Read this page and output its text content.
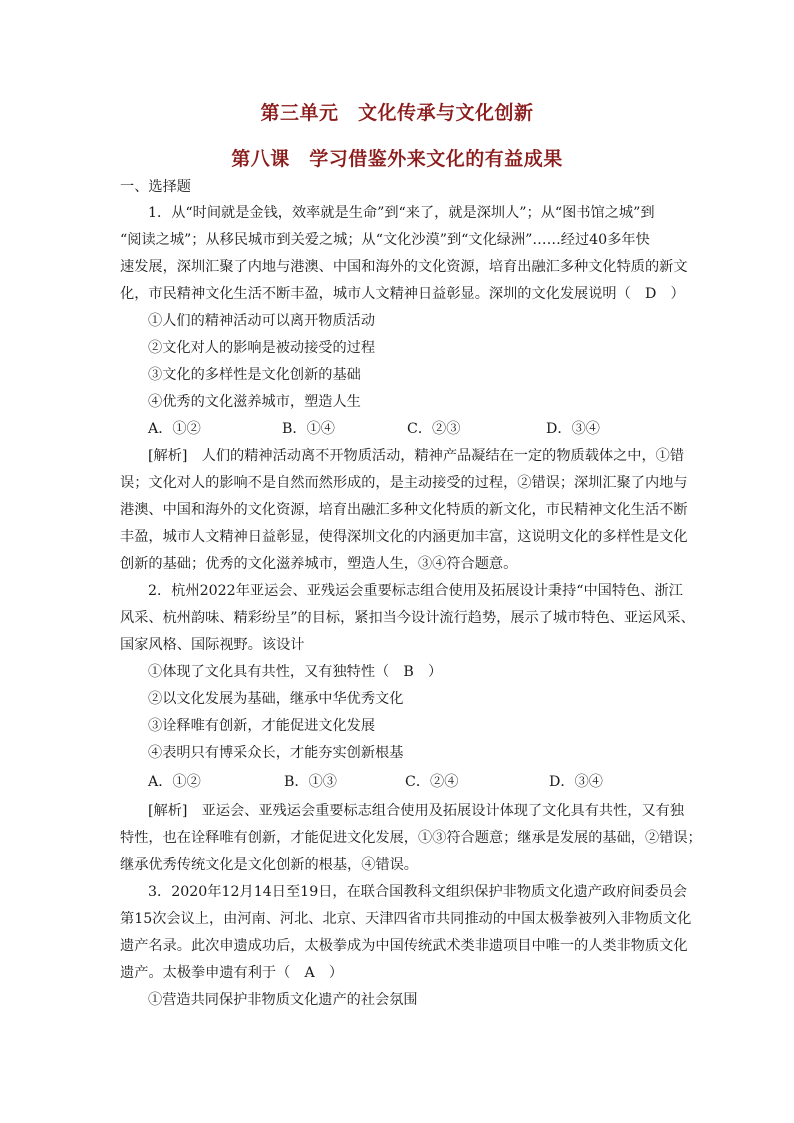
第三单元　文化传承与文化创新
第八课　学习借鉴外来文化的有益成果
一、选择题
1．从“时间就是金钱，效率就是生命”到“来了，就是深圳人”；从“图书馆之城”到
“阅读之城”；从移民城市到关爱之城；从“文化沙漠”到“文化绿洲”……经过40多年快
速发展，深圳汇聚了内地与港澳、中国和海外的文化资源，培育出融汇多种文化特质的新文
化，市民精神文化生活不断丰盈，城市人文精神日益彰显。深圳的文化发展说明（　D　）
①人们的精神活动可以离开物质活动
②文化对人的影响是被动接受的过程
③文化的多样性是文化创新的基础
④优秀的文化滋养城市，塑造人生
A．①②	B．①④	C．②③	D．③④
[解析]　人们的精神活动离不开物质活动，精神产品凝结在一定的物质载体之中，①错
误；文化对人的影响不是自然而然形成的，是主动接受的过程，②错误；深圳汇聚了内地与
港澳、中国和海外的文化资源，培育出融汇多种文化特质的新文化，市民精神文化生活不断
丰盈，城市人文精神日益彰显，使得深圳文化的内涵更加丰富，这说明文化的多样性是文化
创新的基础；优秀的文化滋养城市，塑造人生，③④符合题意。
2．杭州2022年亚运会、亚残运会重要标志组合使用及拓展设计秉持“中国特色、浙江
风采、杭州韵味、精彩纷呈”的目标，紧扣当今设计流行趋势，展示了城市特色、亚运风采、
国家风格、国际视野。该设计
①体现了文化具有共性，又有独特性（　B　）
②以文化发展为基础，继承中华优秀文化
③诠释唯有创新，才能促进文化发展
④表明只有博采众长，才能夯实创新根基
A．①②	B．①③	C．②④	D．③④
[解析]　亚运会、亚残运会重要标志组合使用及拓展设计体现了文化具有共性，又有独
特性，也在诠释唯有创新，才能促进文化发展，①③符合题意；继承是发展的基础，②错误；
继承优秀传统文化是文化创新的根基，④错误。
3．2020年12月14日至19日，在联合国教科文组织保护非物质文化遗产政府间委员会
第15次会议上，由河南、河北、北京、天津四省市共同推动的中国太极拳被列入非物质文化
遗产名录。此次申遗成功后，太极拳成为中国传统武术类非遗项目中唯一的人类非物质文化
遗产。太极拳申遗有利于（　A　）
①营造共同保护非物质文化遗产的社会氛围
